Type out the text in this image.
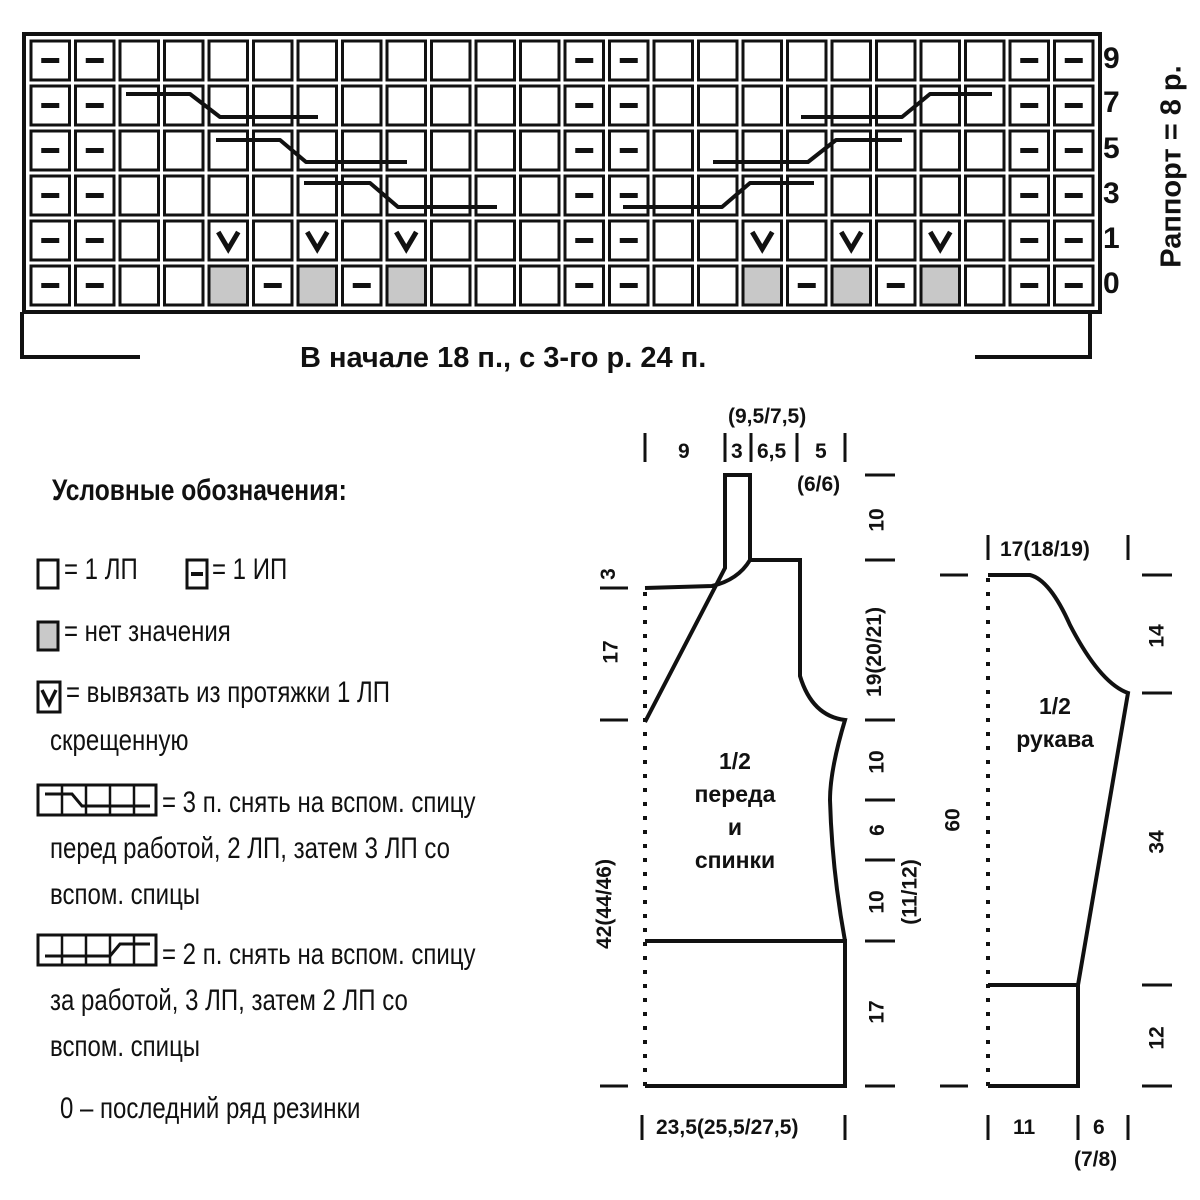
9
7
5
3
1
0
Раппорт = 8 р.
В начале 18 п., с 3-го р. 24 п.
Условные обозначения:
= 1 ЛП = 1 ИП
= нет значения
= вывязать из протяжки 1 ЛП
скрещенную
= 3 п. снять на вспом. спицу
перед работой, 2 ЛП, затем 3 ЛП со
вспом. спицы
= 2 п. снять на вспом. спицу
за работой, 3 ЛП, затем 2 ЛП со
вспом. спицы
0 – последний ряд резинки
1/2
переда
и
спинки
(9,5/7,5)
9 3 6,5 5
(6/6)
3
17
42(44/46)
10
19(20/21)
10
6
10 (11/12)
17
23,5(25,5/27,5)
1/2
рукава
17(18/19)
60
14
34
12
11	6
(7/8)
